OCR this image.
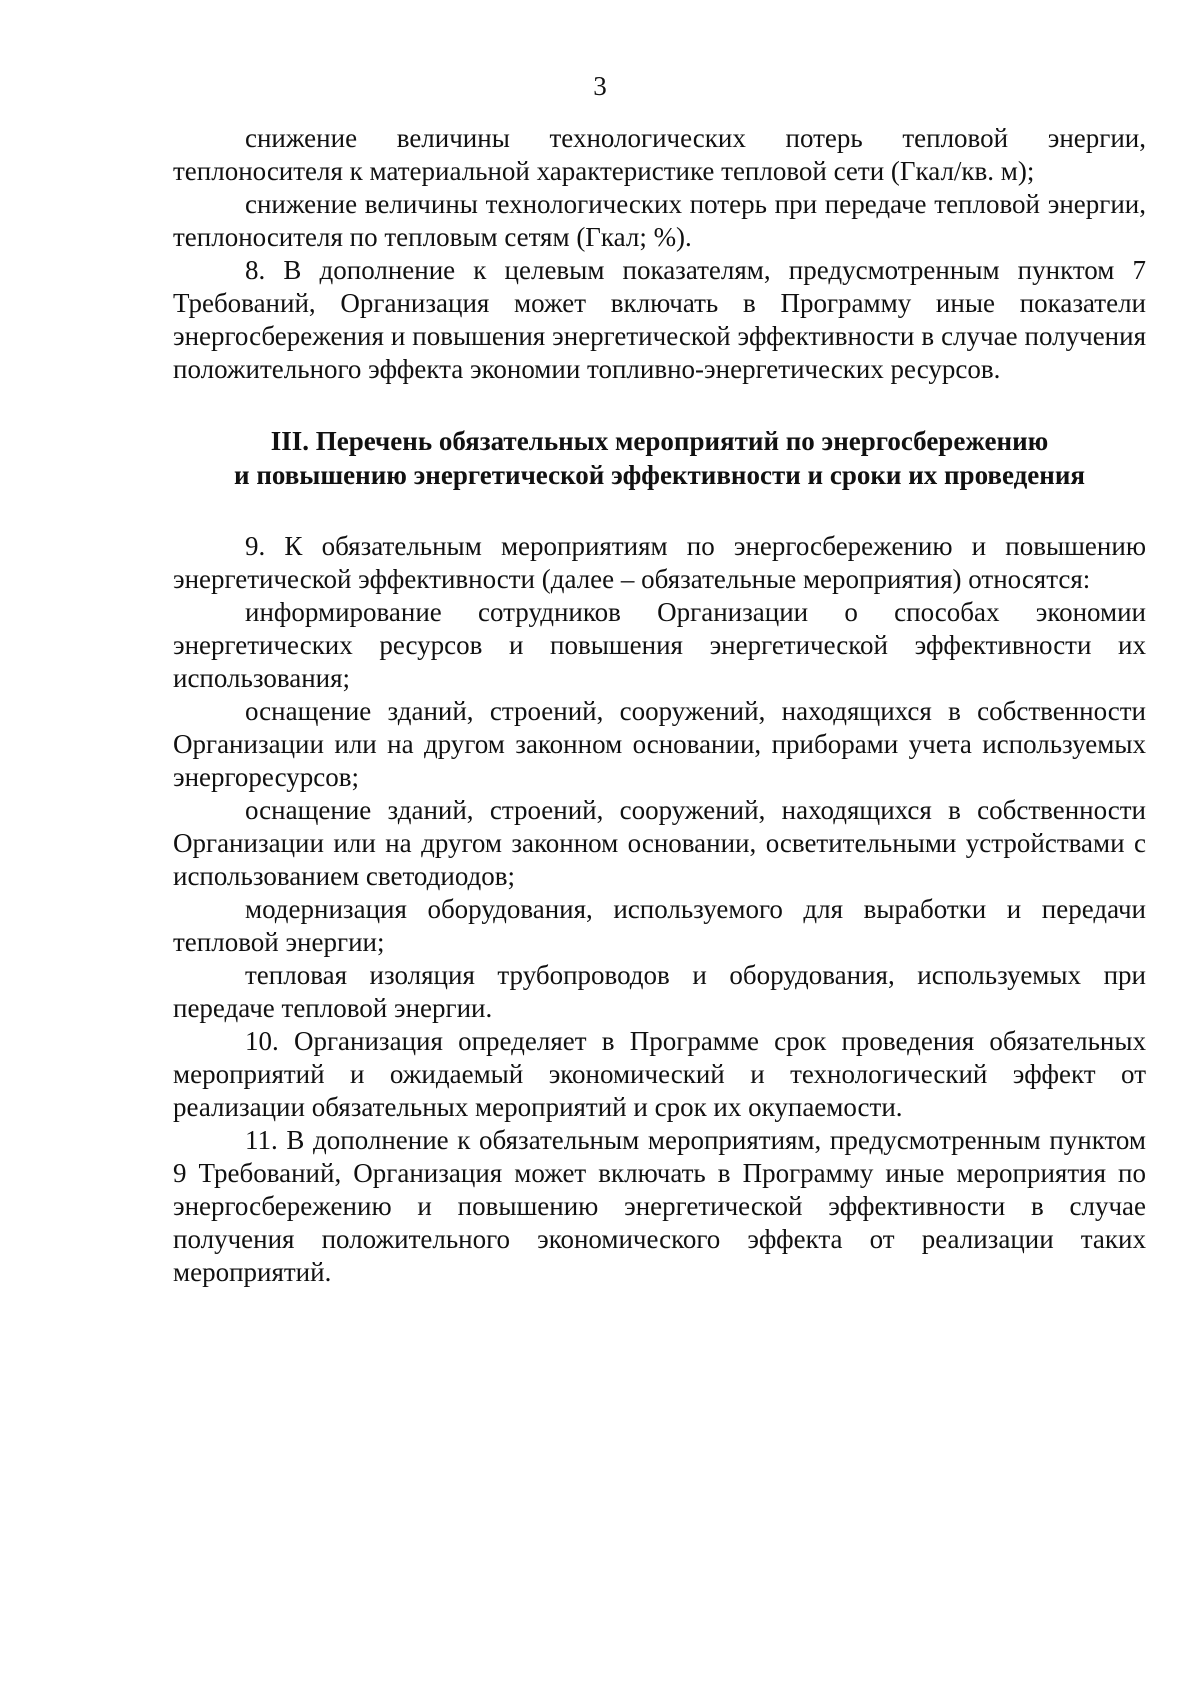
3

снижение величины технологических потерь тепловой энергии, теплоносителя к материальной характеристике тепловой сети (Гкал/кв. м);

снижение величины технологических потерь при передаче тепловой энергии, теплоносителя по тепловым сетям (Гкал; %).

8. В дополнение к целевым показателям, предусмотренным пунктом 7 Требований, Организация может включать в Программу иные показатели энергосбережения и повышения энергетической эффективности в случае получения положительного эффекта экономии топливно-энергетических ресурсов.

III. Перечень обязательных мероприятий по энергосбережению
и повышению энергетической эффективности и сроки их проведения

9. К обязательным мероприятиям по энергосбережению и повышению энергетической эффективности (далее – обязательные мероприятия) относятся:

информирование сотрудников Организации о способах экономии энергетических ресурсов и повышения энергетической эффективности их использования;

оснащение зданий, строений, сооружений, находящихся в собственности Организации или на другом законном основании, приборами учета используемых энергоресурсов;

оснащение зданий, строений, сооружений, находящихся в собственности Организации или на другом законном основании, осветительными устройствами с использованием светодиодов;

модернизация оборудования, используемого для выработки и передачи тепловой энергии;

тепловая изоляция трубопроводов и оборудования, используемых при передаче тепловой энергии.

10. Организация определяет в Программе срок проведения обязательных мероприятий и ожидаемый экономический и технологический эффект от реализации обязательных мероприятий и срок их окупаемости.

11. В дополнение к обязательным мероприятиям, предусмотренным пунктом 9 Требований, Организация может включать в Программу иные мероприятия по энергосбережению и повышению энергетической эффективности в случае получения положительного экономического эффекта от реализации таких мероприятий.
